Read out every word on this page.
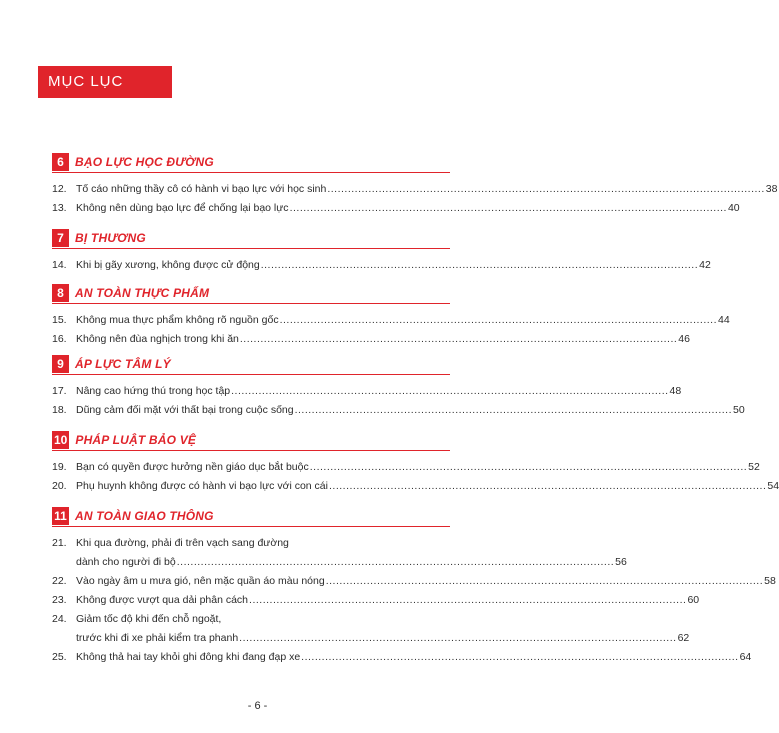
MỤC LỤC
6 BẠO LỰC HỌC ĐƯỜNG
12. Tố cáo những thầy cô có hành vi bạo lực với học sinh .....	38
13. Không nên dùng bạo lực để chống lại bạo lực .....	40
7 BỊ THƯƠNG
14. Khi bị gãy xương, không được cử động .....	42
8 AN TOÀN THỰC PHẨM
15. Không mua thực phẩm không rõ nguồn gốc .....	44
16. Không nên đùa nghịch trong khi ăn .....	46
9 ÁP LỰC TÂM LÝ
17. Nâng cao hứng thú trong học tập .....	48
18. Dũng cảm đối mặt với thất bại trong cuộc sống .....	50
10 PHÁP LUẬT BẢO VỆ
19. Bạn có quyền được hưởng nền giáo dục bắt buộc .....	52
20. Phụ huynh không được có hành vi bạo lực với con cái .....	54
11 AN TOÀN GIAO THÔNG
21. Khi qua đường, phải đi trên vạch sang đường
dành cho người đi bộ .....	56
22. Vào ngày âm u mưa gió, nên mặc quần áo màu nóng .....	58
23. Không được vượt qua dải phân cách .....	60
24. Giảm tốc độ khi đến chỗ ngoặt,
trước khi đi xe phải kiểm tra phanh .....	62
25. Không thả hai tay khỏi ghi đông khi đang đạp xe .....	64
- 6 -
